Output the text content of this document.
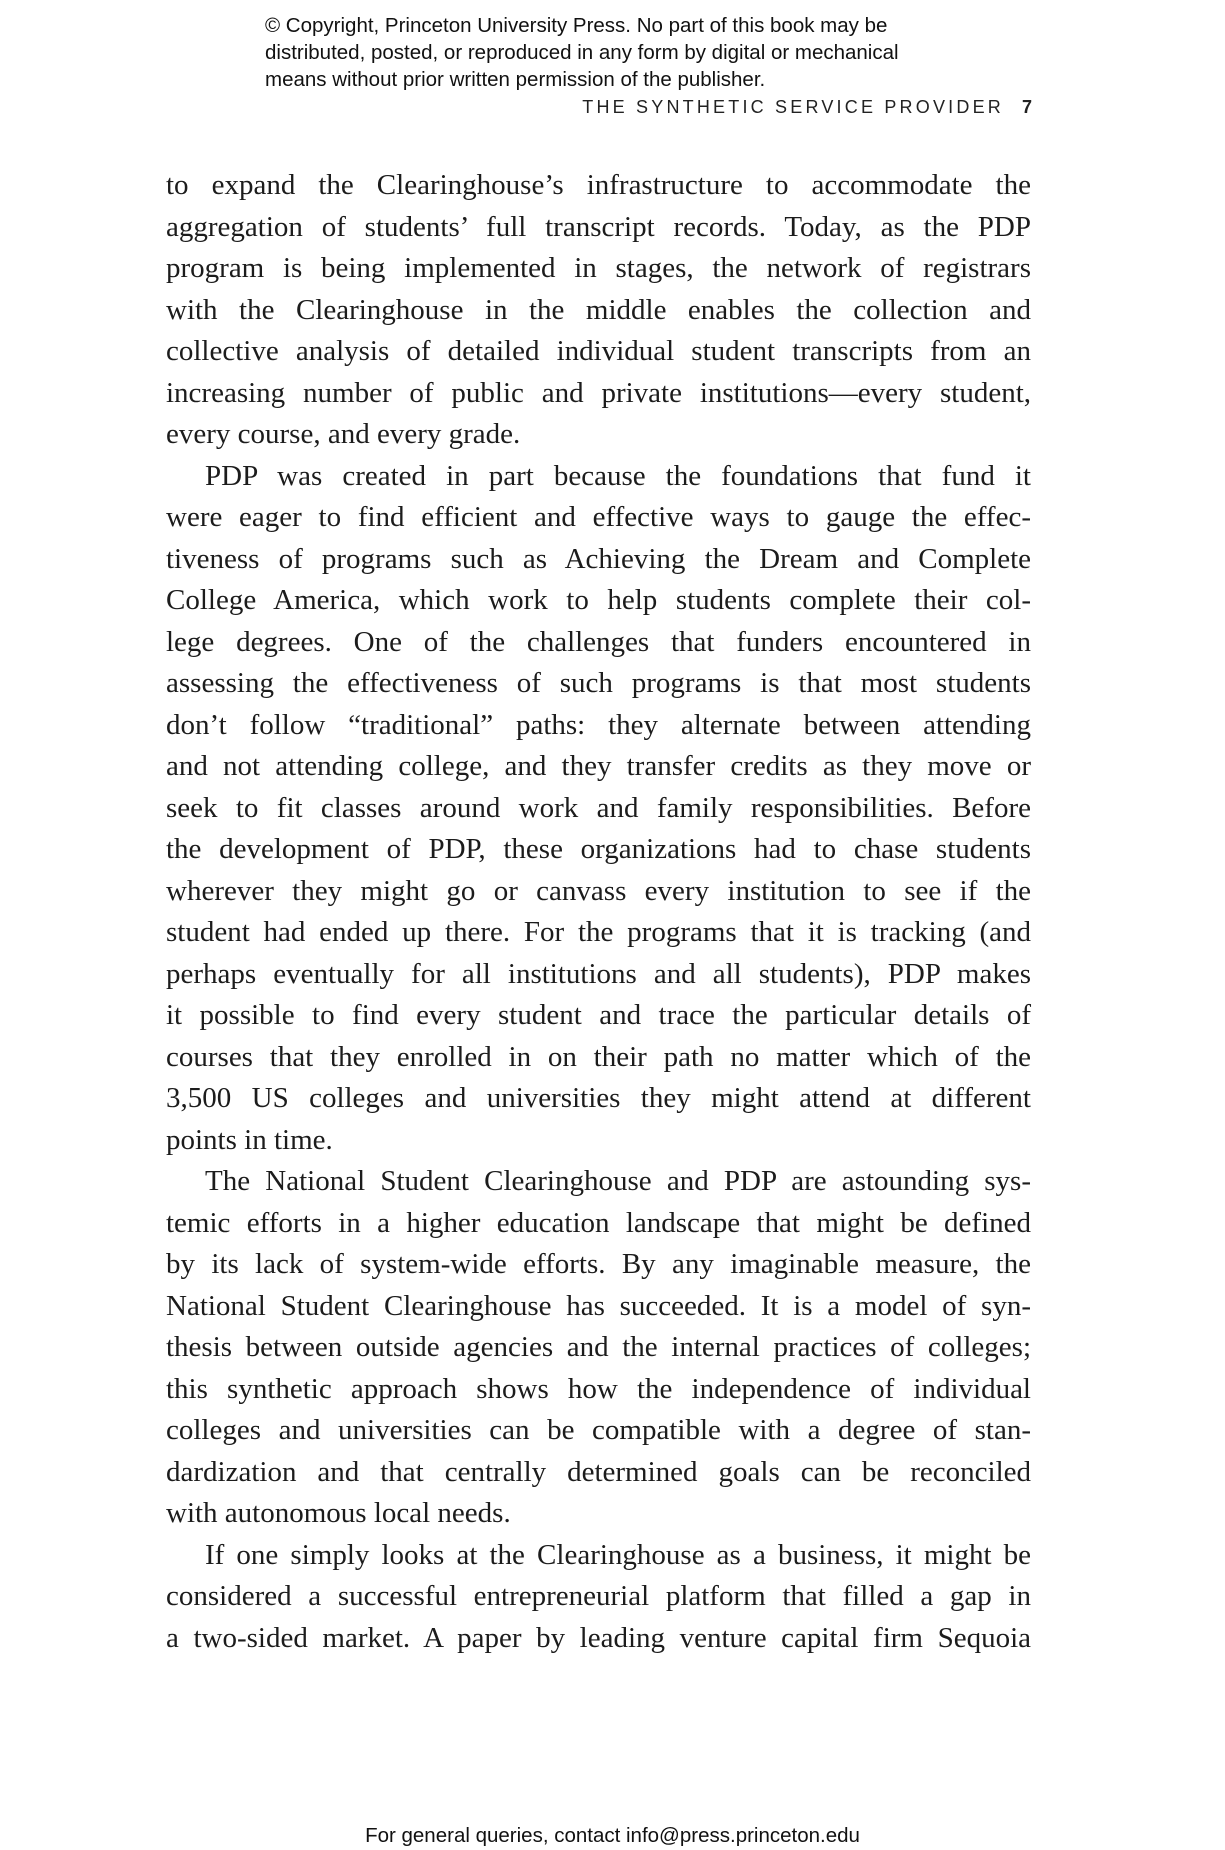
© Copyright, Princeton University Press. No part of this book may be
distributed, posted, or reproduced in any form by digital or mechanical
means without prior written permission of the publisher.
THE SYNTHETIC SERVICE PROVIDER 7

to expand the Clearinghouse’s infrastructure to accommodate the
aggregation of students’ full transcript records. Today, as the PDP
program is being implemented in stages, the network of registrars
with the Clearinghouse in the middle enables the collection and
collective analysis of detailed individual student transcripts from an
increasing number of public and private institutions—every student,
every course, and every grade.

PDP was created in part because the foundations that fund it
were eager to find efficient and effective ways to gauge the effec-
tiveness of programs such as Achieving the Dream and Complete
College America, which work to help students complete their col-
lege degrees. One of the challenges that funders encountered in
assessing the effectiveness of such programs is that most students
don’t follow “traditional” paths: they alternate between attending
and not attending college, and they transfer credits as they move or
seek to fit classes around work and family responsibilities. Before
the development of PDP, these organizations had to chase students
wherever they might go or canvass every institution to see if the
student had ended up there. For the programs that it is tracking (and
perhaps eventually for all institutions and all students), PDP makes
it possible to find every student and trace the particular details of
courses that they enrolled in on their path no matter which of the
3,500 US colleges and universities they might attend at different
points in time.

The National Student Clearinghouse and PDP are astounding sys-
temic efforts in a higher education landscape that might be defined
by its lack of system-wide efforts. By any imaginable measure, the
National Student Clearinghouse has succeeded. It is a model of syn-
thesis between outside agencies and the internal practices of colleges;
this synthetic approach shows how the independence of individual
colleges and universities can be compatible with a degree of stan-
dardization and that centrally determined goals can be reconciled
with autonomous local needs.

If one simply looks at the Clearinghouse as a business, it might be
considered a successful entrepreneurial platform that filled a gap in
a two-sided market. A paper by leading venture capital firm Sequoia

For general queries, contact info@press.princeton.edu
